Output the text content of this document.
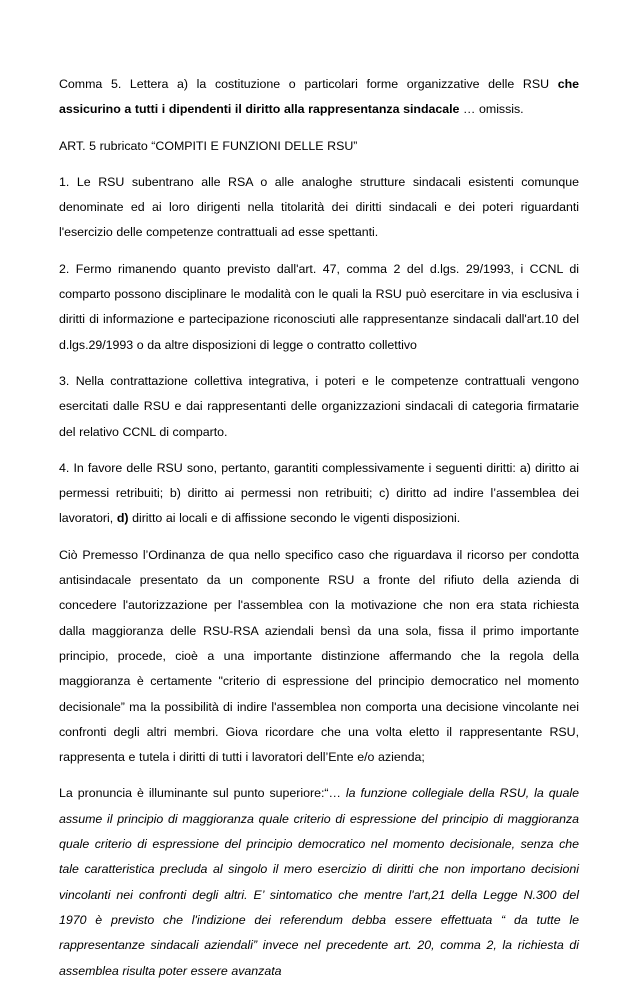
Comma 5. Lettera a) la costituzione o particolari forme organizzative delle RSU che assicurino a tutti i dipendenti il diritto alla rappresentanza sindacale … omissis.

ART. 5 rubricato “COMPITI E FUNZIONI DELLE RSU”

1. Le RSU subentrano alle RSA o alle analoghe strutture sindacali esistenti comunque denominate ed ai loro dirigenti nella titolarità dei diritti sindacali e dei poteri riguardanti l'esercizio delle competenze contrattuali ad esse spettanti.

2. Fermo rimanendo quanto previsto dall'art. 47, comma 2 del d.lgs. 29/1993, i CCNL di comparto possono disciplinare le modalità con le quali la RSU può esercitare in via esclusiva i diritti di informazione e partecipazione riconosciuti alle rappresentanze sindacali dall'art.10 del d.lgs.29/1993 o da altre disposizioni di legge o contratto collettivo

3. Nella contrattazione collettiva integrativa, i poteri e le competenze contrattuali vengono esercitati dalle RSU e dai rappresentanti delle organizzazioni sindacali di categoria firmatarie del relativo CCNL di comparto.

4. In favore delle RSU sono, pertanto, garantiti complessivamente i seguenti diritti: a) diritto ai permessi retribuiti; b) diritto ai permessi non retribuiti; c) diritto ad indire l’assemblea dei lavoratori, d) diritto ai locali e di affissione secondo le vigenti disposizioni.

Ciò Premesso l’Ordinanza de qua nello specifico caso che riguardava il ricorso per condotta antisindacale presentato da un componente RSU a fronte del rifiuto della azienda di concedere l'autorizzazione per l'assemblea con la motivazione che non era stata richiesta dalla maggioranza delle RSU-RSA aziendali bensì da una sola, fissa il primo importante principio, procede, cioè a una importante distinzione affermando che la regola della maggioranza è certamente "criterio di espressione del principio democratico nel momento decisionale” ma la possibilità di indire l'assemblea non comporta una decisione vincolante nei confronti degli altri membri. Giova ricordare che una volta eletto il rappresentante RSU, rappresenta e tutela i diritti di tutti i lavoratori dell’Ente e/o azienda;

La pronuncia è illuminante sul punto superiore:“… la funzione collegiale della RSU, la quale assume il principio di maggioranza quale criterio di espressione del principio di maggioranza quale criterio di espressione del principio democratico nel momento decisionale, senza che tale caratteristica precluda al singolo il mero esercizio di diritti che non importano decisioni vincolanti nei confronti degli altri. E’ sintomatico che mentre l'art,21 della Legge N.300 del 1970 è previsto che l'indizione dei referendum debba essere effettuata “ da tutte le rappresentanze sindacali aziendali” invece nel precedente art. 20, comma 2, la richiesta di assemblea risulta poter essere avanzata
